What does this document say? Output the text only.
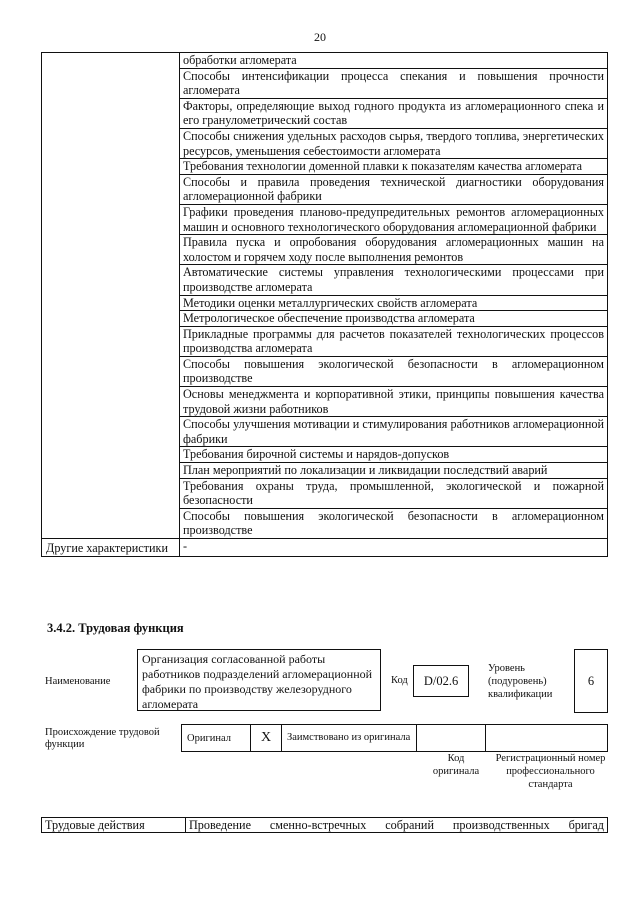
20
	обработки агломерата
	Способы интенсификации процесса спекания и повышения прочности агломерата
	Факторы, определяющие выход годного продукта из агломерационного спека и его гранулометрический состав
	Способы снижения удельных расходов сырья, твердого топлива, энергетических ресурсов, уменьшения себестоимости агломерата
	Требования технологии доменной плавки к показателям качества агломерата
	Способы и правила проведения технической диагностики оборудования агломерационной фабрики
	Графики проведения планово-предупредительных ремонтов агломерационных машин и основного технологического оборудования агломерационной фабрики
	Правила пуска и опробования оборудования агломерационных машин на холостом и горячем ходу после выполнения ремонтов
	Автоматические системы управления технологическими процессами при производстве агломерата
	Методики оценки металлургических свойств агломерата
	Метрологическое обеспечение производства агломерата
	Прикладные программы для расчетов показателей технологических процессов производства агломерата
	Способы повышения экологической безопасности в агломерационном производстве
	Основы менеджмента и корпоративной этики, принципы повышения качества трудовой жизни работников
	Способы улучшения мотивации и стимулирования работников агломерационной фабрики
	Требования бирочной системы и нарядов-допусков
	План мероприятий по локализации и ликвидации последствий аварий
	Требования охраны труда, промышленной, экологической и пожарной безопасности
	Способы повышения экологической безопасности в агломерационном производстве
Другие характеристики	-
3.4.2. Трудовая функция
Наименование
Организация согласованной работы работников подразделений агломерационной фабрики по производству железорудного агломерата
Код	D/02.6
Уровень (подуровень) квалификации
6
Происхождение трудовой функции
Оригинал	X	Заимствовано из оригинала		
Код оригинала
Регистрационный номер профессионального стандарта
Трудовые действия	Проведение сменно-встречных собраний производственных бригад
